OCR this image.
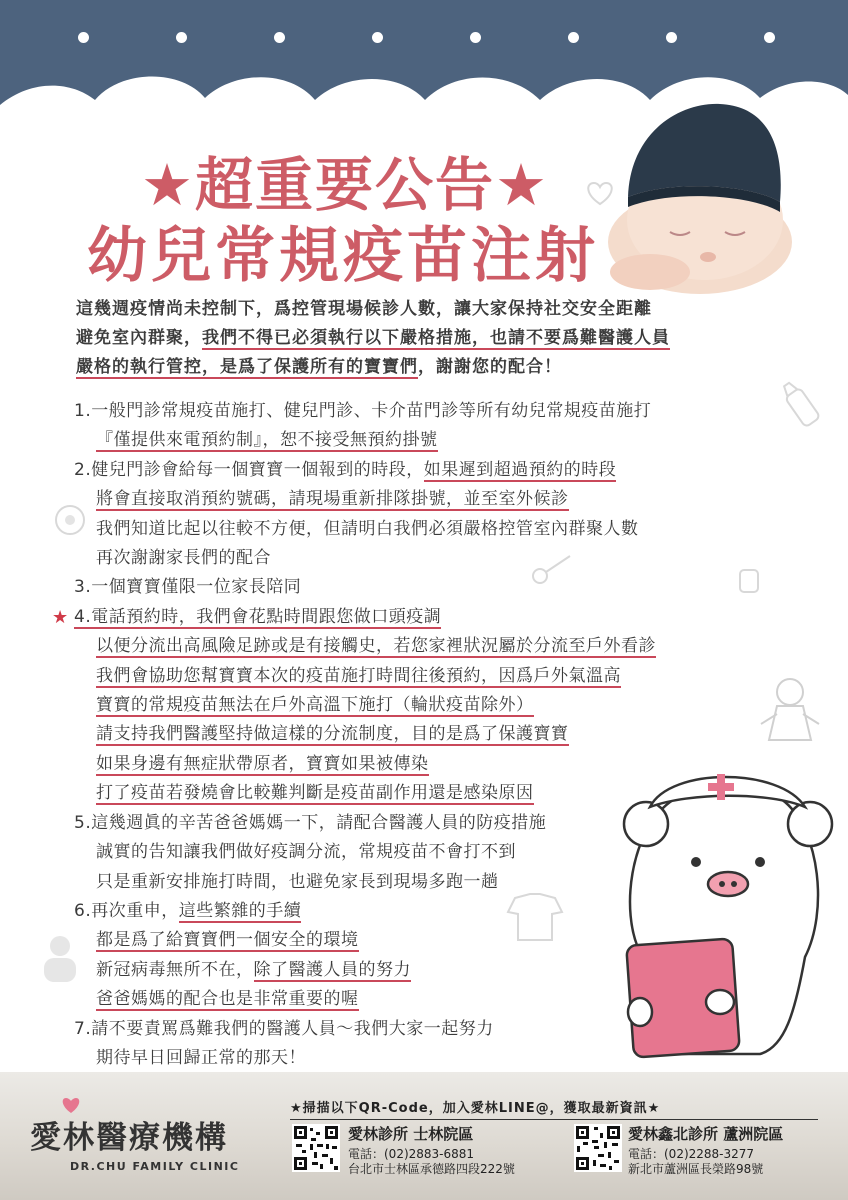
★超重要公告★
幼兒常規疫苗注射
這幾週疫情尚未控制下，爲控管現場候診人數，讓大家保持社交安全距離
避免室內群聚，我們不得已必須執行以下嚴格措施，也請不要爲難醫護人員
嚴格的執行管控，是爲了保護所有的寶寶們，謝謝您的配合！
1.一般門診常規疫苗施打、健兒門診、卡介苗門診等所有幼兒常規疫苗施打
『僅提供來電預約制』，恕不接受無預約掛號
2.健兒門診會給每一個寶寶一個報到的時段，如果遲到超過預約的時段
將會直接取消預約號碼，請現場重新排隊掛號，並至室外候診
我們知道比起以往較不方便，但請明白我們必須嚴格控管室內群聚人數
再次謝謝家長們的配合
3.一個寶寶僅限一位家長陪同
★ 4.電話預約時，我們會花點時間跟您做口頭疫調
以便分流出高風險足跡或是有接觸史，若您家裡狀況屬於分流至戶外看診
我們會協助您幫寶寶本次的疫苗施打時間往後預約，因爲戶外氣溫高
寶寶的常規疫苗無法在戶外高溫下施打（輪狀疫苗除外）
請支持我們醫護堅持做這樣的分流制度，目的是爲了保護寶寶
如果身邊有無症狀帶原者，寶寶如果被傳染
打了疫苗若發燒會比較難判斷是疫苗副作用還是感染原因
5.這幾週眞的辛苦爸爸媽媽一下，請配合醫護人員的防疫措施
誠實的告知讓我們做好疫調分流，常規疫苗不會打不到
只是重新安排施打時間，也避免家長到現場多跑一趟
6.再次重申，這些繁雜的手續
都是爲了給寶寶們一個安全的環境
新冠病毒無所不在，除了醫護人員的努力
爸爸媽媽的配合也是非常重要的喔
7.請不要責罵爲難我們的醫護人員～我們大家一起努力
期待早日回歸正常的那天！
愛林醫療機構
DR.CHU FAMILY CLINIC
★掃描以下QR-Code，加入愛林LINE@，獲取最新資訊★
愛林診所 士林院區
電話：(02)2883-6881
台北市士林區承德路四段222號
愛林鑫北診所 蘆洲院區
電話：(02)2288-3277
新北市蘆洲區長榮路98號
